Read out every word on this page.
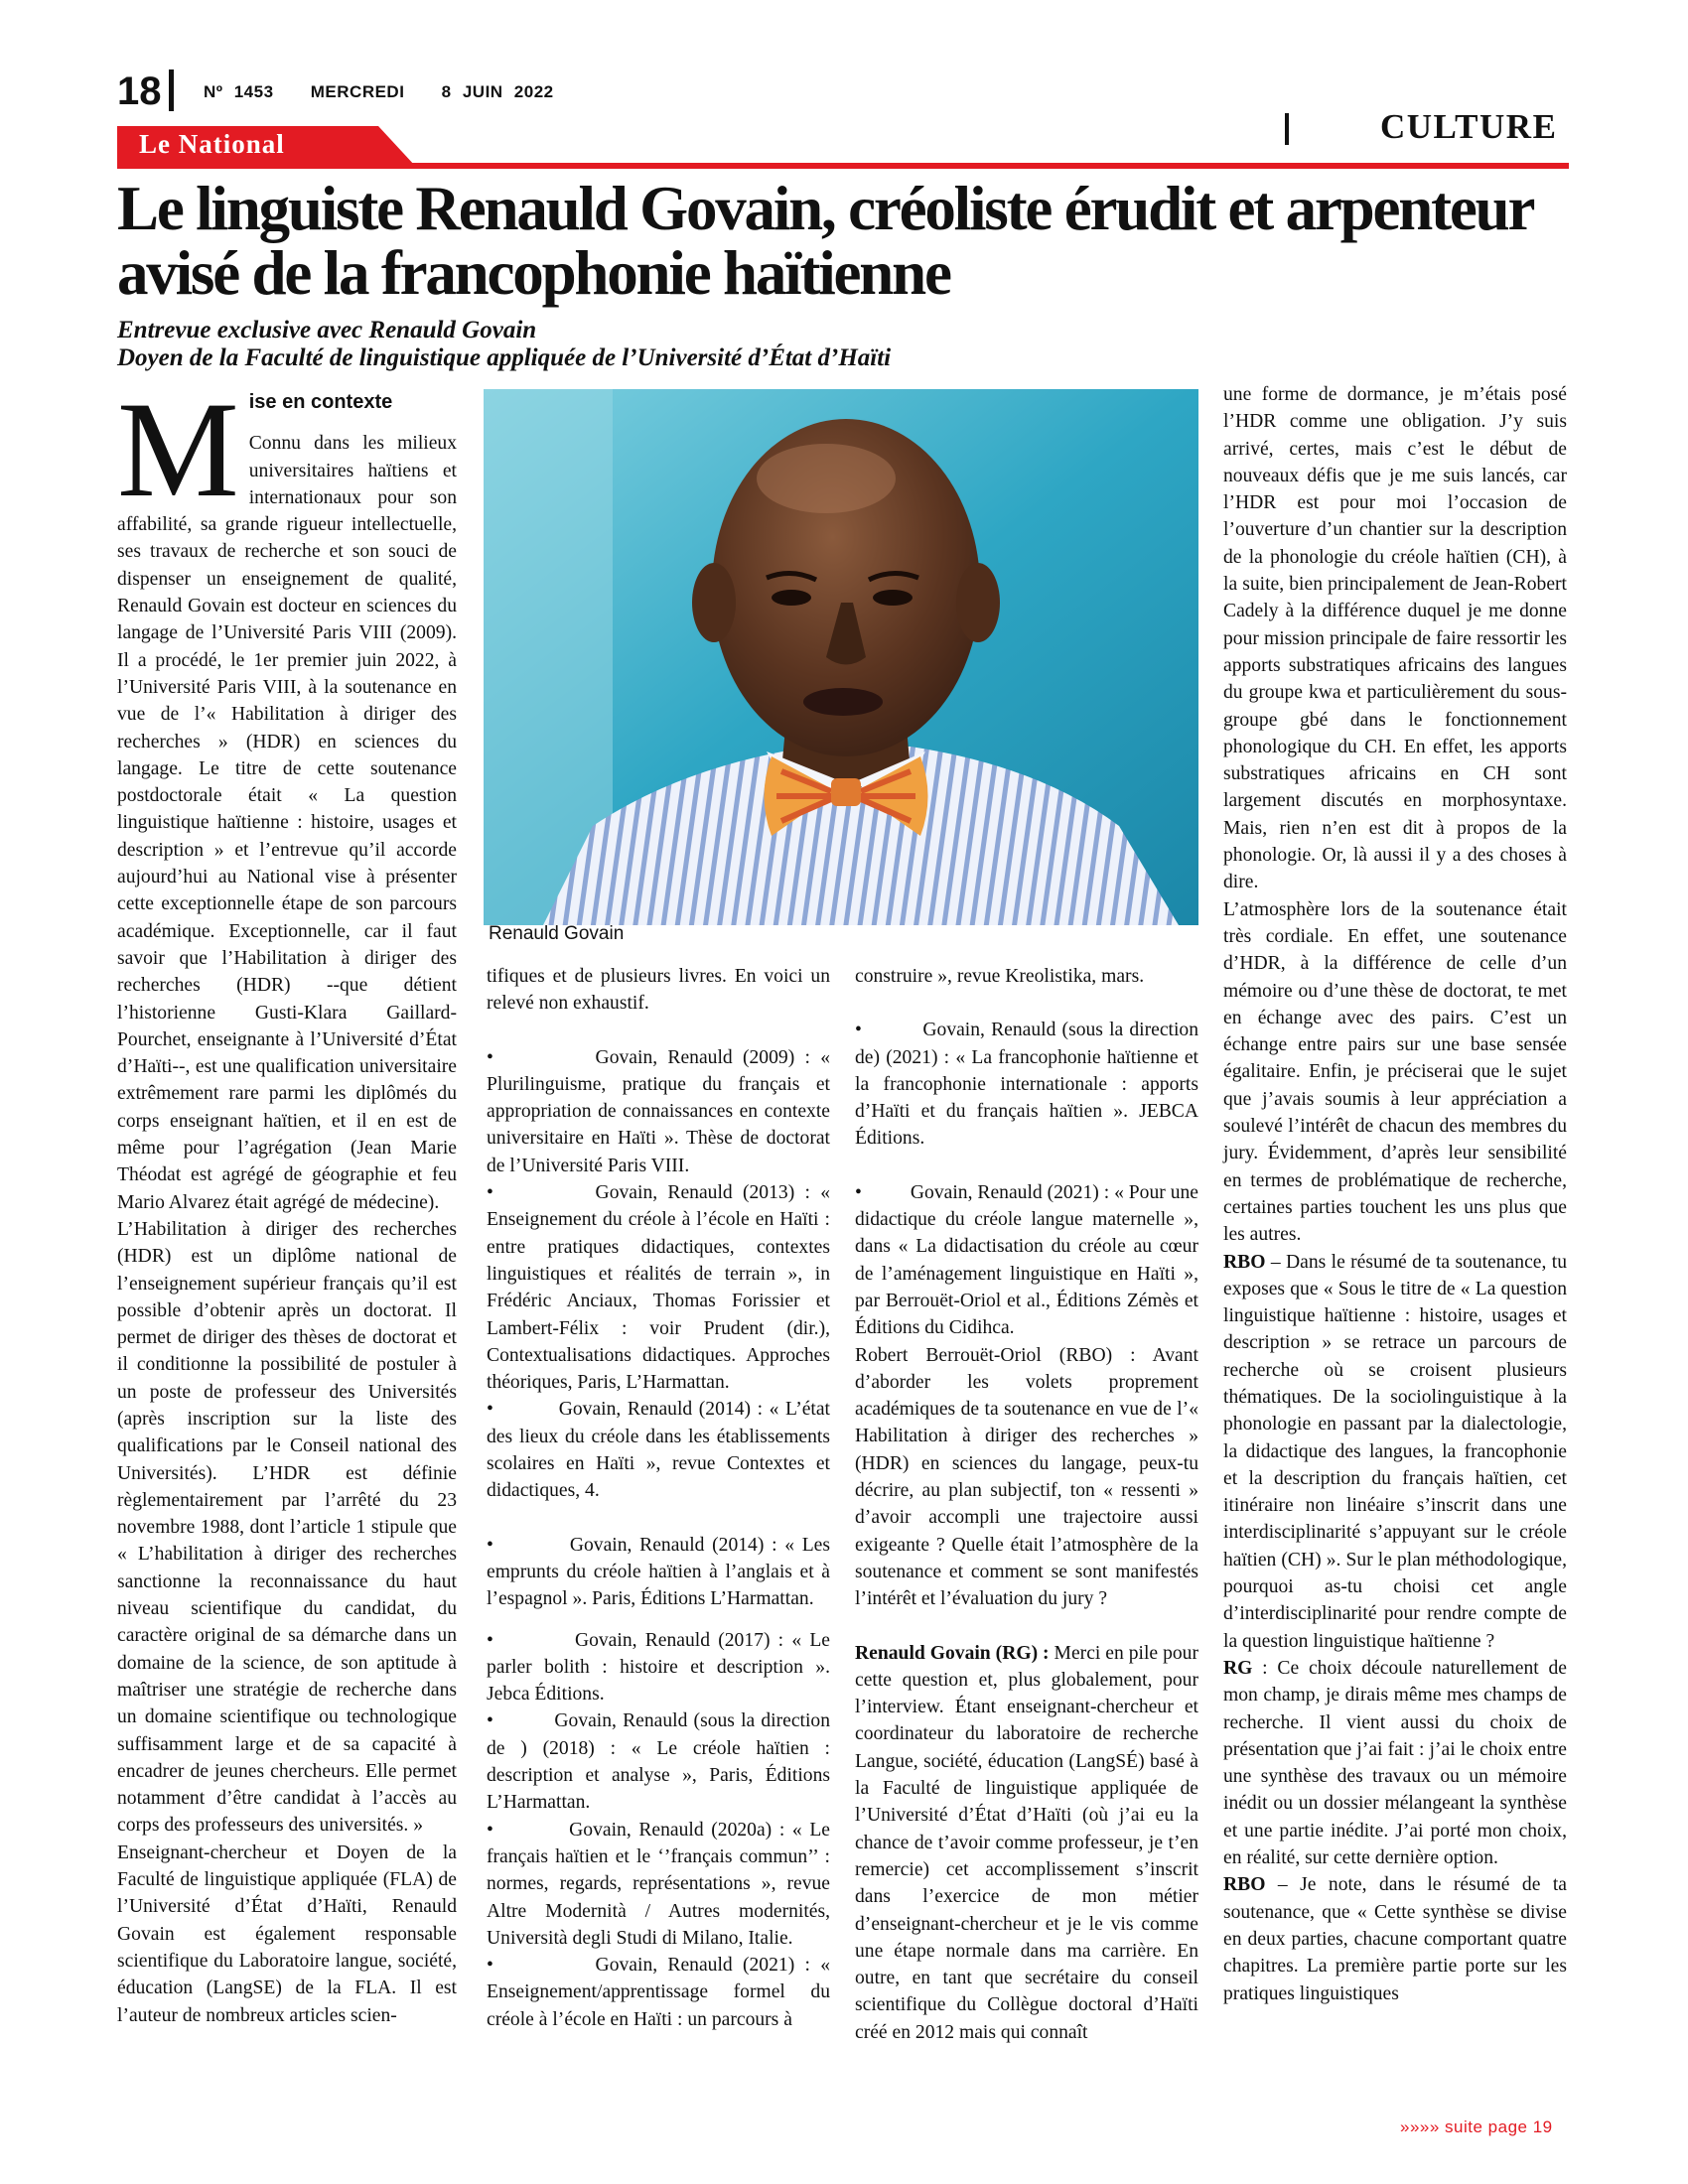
18	Nº 1453 MERCREDI 8 JUIN 2022
Le National	CULTURE
Le linguiste Renauld Govain, créoliste érudit et arpenteur avisé de la francophonie haïtienne
Entrevue exclusive avec Renauld Govain
Doyen de la Faculté de linguistique appliquée de l’Université d’État d’Haïti
M ise en contexte

Connu dans les milieux universitaires haïtiens et internationaux pour son affabilité, sa grande rigueur intellectuelle, ses travaux de recherche et son souci de dispenser un enseignement de qualité, Renauld Govain est docteur en sciences du langage de l’Université Paris VIII (2009). Il a procédé, le 1er premier juin 2022, à l’Université Paris VIII, à la soutenance en vue de l’« Habilitation à diriger des recherches » (HDR) en sciences du langage. Le titre de cette soutenance postdoctorale était « La question linguistique haïtienne : histoire, usages et description » et l’entrevue qu’il accorde aujourd’hui au National vise à présenter cette exceptionnelle étape de son parcours académique. Exceptionnelle, car il faut savoir que l’Habilitation à diriger des recherches (HDR) --que détient l’historienne Gusti-Klara Gaillard-Pourchet, enseignante à l’Université d’État d’Haïti--, est une qualification universitaire extrêmement rare parmi les diplômés du corps enseignant haïtien, et il en est de même pour l’agrégation (Jean Marie Théodat est agrégé de géographie et feu Mario Alvarez était agrégé de médecine).

L’Habilitation à diriger des recherches (HDR) est un diplôme national de l’enseignement supérieur français qu’il est possible d’obtenir après un doctorat. Il permet de diriger des thèses de doctorat et il conditionne la possibilité de postuler à un poste de professeur des Universités (après inscription sur la liste des qualifications par le Conseil national des Universités). L’HDR est définie règlementairement par l’arrêté du 23 novembre 1988, dont l’article 1 stipule que « L’habilitation à diriger des recherches sanctionne la reconnaissance du haut niveau scientifique du candidat, du caractère original de sa démarche dans un domaine de la science, de son aptitude à maîtriser une stratégie de recherche dans un domaine scientifique ou technologique suffisamment large et de sa capacité à encadrer de jeunes chercheurs. Elle permet notamment d’être candidat à l’accès au corps des professeurs des universités. »

Enseignant-chercheur et Doyen de la Faculté de linguistique appliquée (FLA) de l’Université d’État d’Haïti, Renauld Govain est également responsable scientifique du Laboratoire langue, société, éducation (LangSE) de la FLA. Il est l’auteur de nombreux articles scien-

Renauld Govain

tifiques et de plusieurs livres. En voici un relevé non exhaustif.

•          Govain, Renauld (2009) : « Plurilinguisme, pratique du français et appropriation de connaissances en contexte universitaire en Haïti ». Thèse de doctorat de l’Université Paris VIII.

•          Govain, Renauld (2013) : « Enseignement du créole à l’école en Haïti : entre pratiques didactiques, contextes linguistiques et réalités de terrain », in Frédéric Anciaux, Thomas Forissier et Lambert-Félix : voir Prudent (dir.), Contextualisations didactiques. Approches théoriques, Paris, L’Harmattan.

•          Govain, Renauld (2014) : « L’état des lieux du créole dans les établissements scolaires en Haïti », revue Contextes et didactiques, 4.

•          Govain, Renauld (2014) : « Les emprunts du créole haïtien à l’anglais et à l’espagnol ». Paris, Éditions L’Harmattan.

•          Govain, Renauld (2017) : « Le parler bolith : histoire et description ». Jebca Éditions.

•          Govain, Renauld (sous la direction de ) (2018) : « Le créole haïtien : description et analyse », Paris, Éditions L’Harmattan.

•          Govain, Renauld (2020a) : « Le français haïtien et le ‘’français commun’’ : normes, regards, représentations », revue Altre Modernità / Autres modernités, Università degli Studi di Milano, Italie.

•          Govain, Renauld (2021) : « Enseignement/apprentissage formel du créole à l’école en Haïti : un parcours à

construire », revue Kreolistika, mars.

•          Govain, Renauld (sous la direction de) (2021) : « La francophonie haïtienne et la francophonie internationale : apports d’Haïti et du français haïtien ». JEBCA Éditions.

•          Govain, Renauld (2021) : « Pour une didactique du créole langue maternelle », dans « La didactisation du créole au cœur de l’aménagement linguistique en Haïti », par Berrouët-Oriol et al., Éditions Zémès et Éditions du Cidihca.

Robert Berrouët-Oriol (RBO) : Avant d’aborder les volets proprement académiques de ta soutenance en vue de l’« Habilitation à diriger des recherches » (HDR) en sciences du langage, peux-tu décrire, au plan subjectif, ton « ressenti » d’avoir accompli une trajectoire aussi exigeante ? Quelle était l’atmosphère de la soutenance et comment se sont manifestés l’intérêt et l’évaluation du jury ?

Renauld Govain (RG) : Merci en pile pour cette question et, plus globalement, pour l’interview. Étant enseignant-chercheur et coordinateur du laboratoire de recherche Langue, société, éducation (LangSÉ) basé à la Faculté de linguistique appliquée de l’Université d’État d’Haïti (où j’ai eu la chance de t’avoir comme professeur, je t’en remercie) cet accomplissement s’inscrit dans l’exercice de mon métier d’enseignant-chercheur et je le vis comme une étape normale dans ma carrière. En outre, en tant que secrétaire du conseil scientifique du Collègue doctoral d’Haïti créé en 2012 mais qui connaît

une forme de dormance, je m’étais posé l’HDR comme une obligation. J’y suis arrivé, certes, mais c’est le début de nouveaux défis que je me suis lancés, car l’HDR est pour moi l’occasion de l’ouverture d’un chantier sur la description de la phonologie du créole haïtien (CH), à la suite, bien principalement de Jean-Robert Cadely à la différence duquel je me donne pour mission principale de faire ressortir les apports substratiques africains des langues du groupe kwa et particulièrement du sous-groupe gbé dans le fonctionnement phonologique du CH. En effet, les apports substratiques africains en CH sont largement discutés en morphosyntaxe. Mais, rien n’en est dit à propos de la phonologie. Or, là aussi il y a des choses à dire.

L’atmosphère lors de la soutenance était très cordiale. En effet, une soutenance d’HDR, à la différence de celle d’un mémoire ou d’une thèse de doctorat, te met en échange avec des pairs. C’est un échange entre pairs sur une base sensée égalitaire. Enfin, je préciserai que le sujet que j’avais soumis à leur appréciation a soulevé l’intérêt de chacun des membres du jury. Évidemment, d’après leur sensibilité en termes de problématique de recherche, certaines parties touchent les uns plus que les autres.

RBO – Dans le résumé de ta soutenance, tu exposes que « Sous le titre de « La question linguistique haïtienne : histoire, usages et description » se retrace un parcours de recherche où se croisent plusieurs thématiques. De la sociolinguistique à la phonologie en passant par la dialectologie, la didactique des langues, la francophonie et la description du français haïtien, cet itinéraire non linéaire s’inscrit dans une interdisciplinarité s’appuyant sur le créole haïtien (CH) ». Sur le plan méthodologique, pourquoi as-tu choisi cet angle d’interdisciplinarité pour rendre compte de la question linguistique haïtienne ?

RG : Ce choix découle naturellement de mon champ, je dirais même mes champs de recherche. Il vient aussi du choix de présentation que j’ai fait : j’ai le choix entre une synthèse des travaux ou un mémoire inédit ou un dossier mélangeant la synthèse et une partie inédite. J’ai porté mon choix, en réalité, sur cette dernière option.

RBO – Je note, dans le résumé de ta soutenance, que « Cette synthèse se divise en deux parties, chacune comportant quatre chapitres. La première partie porte sur les pratiques linguistiques

»»»» suite page 19
